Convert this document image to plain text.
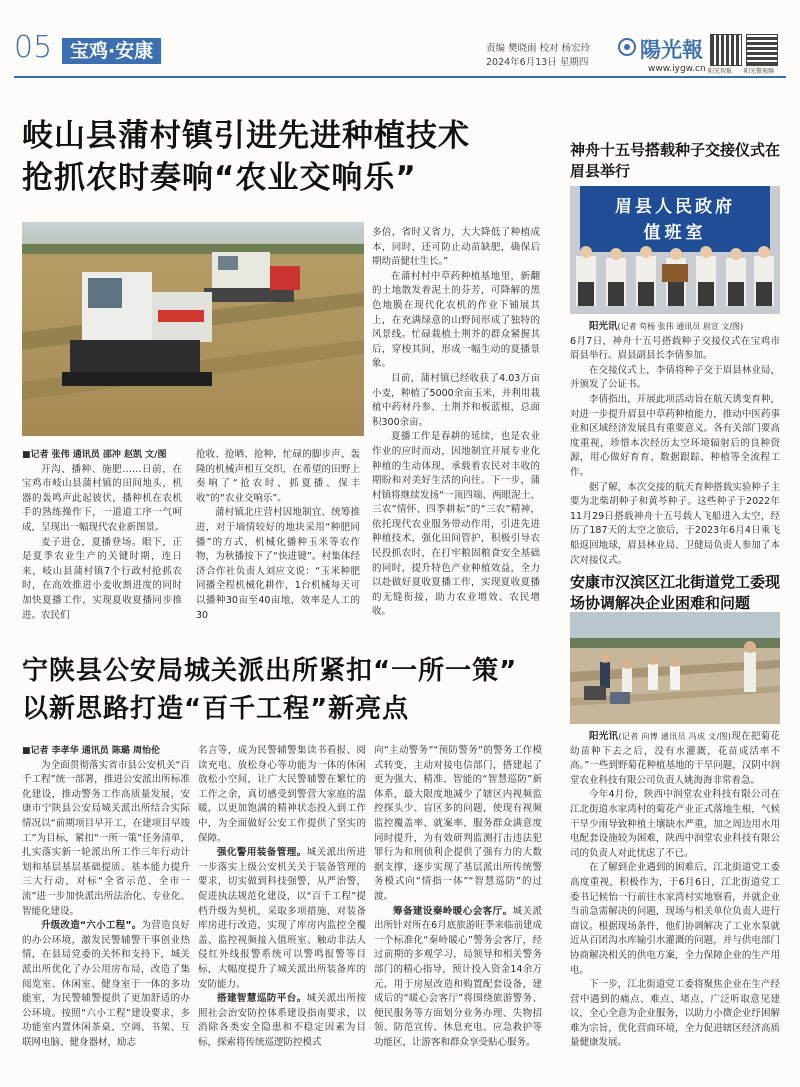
05 宝鸡·安康	责编 樊晓雨 校对 杨宏玲
2024年6月13日 星期四
陽光報
www.iygw.cn 阳光智报 阳光微视频
岐山县蒲村镇引进先进种植技术
抢抓农时奏响“农业交响乐”

■记者 张伟 通讯员 邵冲 赵凯 文/图

开沟、播种、施肥……日前，在宝鸡市岐山县蒲村镇的田间地头，机器的轰鸣声此起彼伏，播种机在农机手的熟练操作下，一道道工序一气呵成，呈现出一幅现代农业新图景。

麦子进仓，夏播登场。眼下，正是夏季农业生产的关键时期，连日来，岐山县蒲村镇7个行政村抢抓农时，在高效推进小麦收割进度的同时加快夏播工作，实现夏收夏播同步推进。农民们

抢收、抢晒、抢种，忙碌的脚步声、轰隆的机械声相互交织，在希望的田野上奏响了“抢农时、抓夏播、保丰收”的“农业交响乐”。

蒲村镇北庄营村因地制宜、统筹推进，对于墒情较好的地块采用“种肥同播”的方式，机械化播种玉米等农作物，为秋播按下了“快进键”。村集体经济合作社负责人刘应文说：“玉米种肥同播全程机械化耕作，1台机械每天可以播种30亩至40亩地，效率是人工的30

多倍，省时又省力，大大降低了种植成本，同时，还可防止动苗缺肥，确保后期幼苗健壮生长。”

在蒲村村中草药种植基地里，新翻的土地散发着泥土的芬芳，可降解的黑色地膜在现代化农机的作业下铺展其上，在充满绿意的山野间形成了独特的风景线。忙碌栽植土荆芥的群众紧握其后，穿梭其间，形成一幅生动的夏播景象。

目前，蒲村镇已经收获了4.03万亩小麦，种植了5000余亩玉米，并利用栽植中药材丹参、土荆芥和板蓝根，总面积300余亩。

夏播工作是春耕的延续，也是农业作业的应时而动，因地制宜开展专业化种植的生动体现，承载着农民对丰收的期盼和对美好生活的向往。下一步，蒲村镇将继续发扬“一顶四端、两眼泥土、三农”情怀、四季耕耘”的“三农”精神，依托现代农业服务带动作用，引进先进种植技术，强化田间管护，积极引导农民投抓农时，在打牢粮固粮食安全基础的同时，提升特色产业种植效益，全力以赴做好夏收夏播工作，实现夏收夏播的无缝衔接，助力农业增效、农民增收。

神舟十五号搭载种子交接仪式在眉县举行
眉县人民政府
值班室

阳光讯(记者 苟杨 张伟 通讯员 眉宣 文/图)

6月7日，神舟十五号搭载种子交接仪式在宝鸡市眉县举行。眉县副县长李倩参加。

在交接仪式上，李倩将种子交于眉县林业局，并颁发了公证书。

李倩指出，开展此项活动旨在航天诱变育种，对进一步提升眉县中草药种植能力，推动中医药事业和区域经济发展具有重要意义。各有关部门要高度重视，珍惜本次经历太空环境辐射后的良种资源，用心做好育育、数据跟踪、种植等全流程工作。

据了解，本次交接的航天育种搭载实验种子主要为北柴胡种子和黄芩种子。这些种子于2022年11月29日搭载神舟十五号载人飞船进入太空，经历了187天的太空之旅后，于2023年6月4日乘飞船返回地球，眉县林业局、卫健局负责人参加了本次对接仪式。

宁陕县公安局城关派出所紧扣“一所一策”
以新思路打造“百千工程”新亮点

■记者 李孝华 通讯员 陈璐 周怡伦

为全面贯彻落实省市县公安机关“百千工程”统一部署，推进公安派出所标准化建设，推动警务工作高质量发展，安康市宁陕县公安局城关派出所结合实际情况以“前期项目早开工，在建项目早竣工”为目标，紧扣“一所一策”任务清单，扎实落实新一轮派出所工作三年行动计划和基层基层基础提质、基本能力提升三大行动，对标“全省示范、全市一流”进一步加快派出所法治化、专业化、智能化建设。

升级改造“六小工程”。为营造良好的办公环境，激发民警辅警干事创业热情，在县局党委的关怀和支持下，城关派出所优化了办公用房布局，改造了集阅览室、休闲室、健身室于一体的多功能室，为民警辅警提供了更加舒适的办公环境。按照“六小工程”建设要求，多功能室内置休闲茶桌、空调、书架、互联网电脑、健身器材，励志

名言等，成为民警辅警集读书看报、阅读充电、放松身心等功能为一体的休闲放松小空间，让广大民警辅警在繁忙的工作之余，真切感受到警营大家庭的温暖，以更加饱满的精神状态投入到工作中，为全面做好公安工作提供了坚实的保障。

强化警用装备管理。城关派出所进一步落实上级公安机关关于装备管理的要求，切实做到科技强警，从严治警，促进执法规范化建设，以“百千工程”提档升级为契机，采取多项措施，对装备库房进行改造，实现了库房内监控全覆盖、监控视频接入值班室、触动非法人侵红外线报警系统可以警鸣报警等目标，大幅度提升了城关派出所装备库的安防能力。

搭建智慧巡防平台。城关派出所按照社会治安防控体系建设指南要求，以消除各类安全隐患和不稳定因素为目标，探索将传统巡逻防控模式

向“主动警务”“预防警务”的警务工作模式转变，主动对接电信部门，搭建起了更为强大、精准、智能的“智慧巡防”新体系，最大限度地减少了辖区内视频监控探头少、盲区多的问题，使现有视频监控覆盖率、就案率、服务群众满意度同时提升，为有效研判监测打击违法犯罪行为和刑侦利企提供了强有力的大数据支撑，逐步实现了基层派出所传统警务模式向“情指一体”“智慧巡防”的过渡。

筹备建设秦岭暖心会客厅。城关派出所针对所在6月底旅游旺季来临前建成一个标准化“秦岭暖心”警务会客厅，经过前期的多观学习，局领导和相关警务部门的精心指导，预计投入资金14余万元，用于房屋改造和购置配套设备，建成后的“暖心会客厅”将围绕旅游警务、便民服务等方面划分业务办理、失物招领、防范宣传、休息充电、应急救护等功能区，让游客和群众享受贴心服务。

安康市汉滨区江北街道党工委现场协调解决企业困难和问题

阳光讯(记者 向博 通讯员 冯成 文/图)现在把菊花幼苗种下去之后，没有水灌溉，花苗成活率不高。”一些到野菊花种植基地的干旱问题，汉阴中润堂农业科技有限公司负责人姚海海非常着急。

今年4月份，陕西中润堂农业科技有限公司在江北街道水家湾村的菊花产业正式落地生根，气候干旱少雨导致种植土壤缺水严重，加之周边用水用电配套设施较为困难，陕西中润堂农业科技有限公司的负责人对此忧虑了不已。

在了解到企业遇到的困难后，江北街道党工委高度重视，积极作为，于6月6日，江北街道党工委书记候怡一行前往水家湾村实地察看，并就企业当前急需解决的问题，现场与相关单位负责人进行商议。根据现场条件，他们协调解决了工业水泵就近从百团沟水库输引水灌溉的问题，并与供电部门协商解决相关的供电方案，全力保障企业的生产用电。

下一步，江北街道党工委将聚焦企业在生产经营中遇到的痛点、难点、堵点，广泛听取意见建议，全心全意为企业服务，以助力小微企业纾困解难为宗旨，优化营商环境，全力促进辖区经济高质量健康发展。
